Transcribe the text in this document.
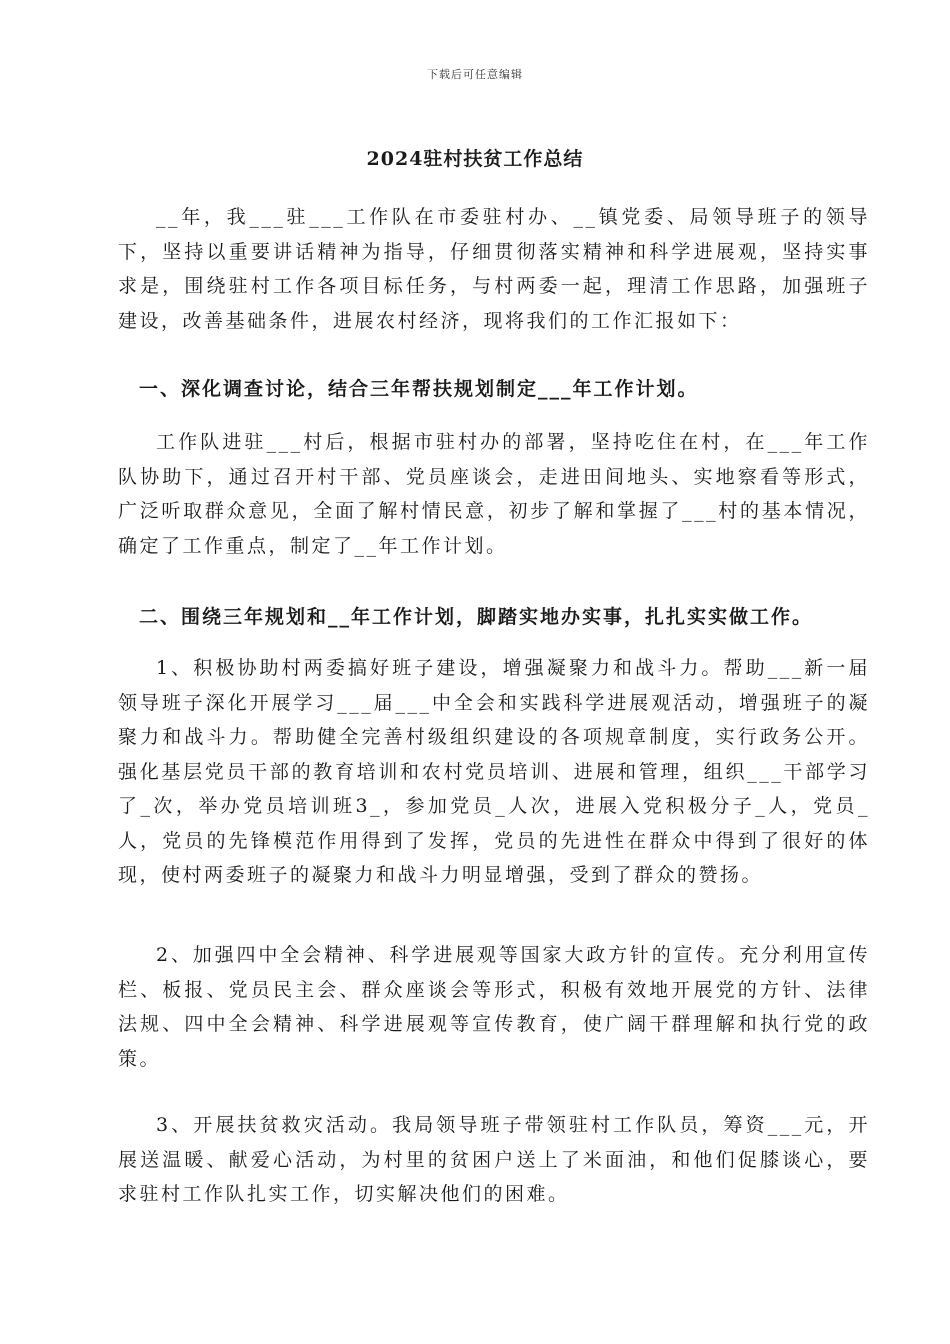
下载后可任意编辑
2024驻村扶贫工作总结

__年，我___驻___工作队在市委驻村办、__镇党委、局领导班子的领导下，坚持以重要讲话精神为指导，仔细贯彻落实精神和科学进展观，坚持实事求是，围绕驻村工作各项目标任务，与村两委一起，理清工作思路，加强班子建设，改善基础条件，进展农村经济，现将我们的工作汇报如下：

一、深化调查讨论，结合三年帮扶规划制定___年工作计划。

工作队进驻___村后，根据市驻村办的部署，坚持吃住在村，在___年工作队协助下，通过召开村干部、党员座谈会，走进田间地头、实地察看等形式，广泛听取群众意见，全面了解村情民意，初步了解和掌握了___村的基本情况，确定了工作重点，制定了__年工作计划。

二、围绕三年规划和__年工作计划，脚踏实地办实事，扎扎实实做工作。

1、积极协助村两委搞好班子建设，增强凝聚力和战斗力。帮助___新一届领导班子深化开展学习___届___中全会和实践科学进展观活动，增强班子的凝聚力和战斗力。帮助健全完善村级组织建设的各项规章制度，实行政务公开。强化基层党员干部的教育培训和农村党员培训、进展和管理，组织___干部学习了_次，举办党员培训班3_，参加党员_人次，进展入党积极分子_人，党员_人，党员的先锋模范作用得到了发挥，党员的先进性在群众中得到了很好的体现，使村两委班子的凝聚力和战斗力明显增强，受到了群众的赞扬。

2、加强四中全会精神、科学进展观等国家大政方针的宣传。充分利用宣传栏、板报、党员民主会、群众座谈会等形式，积极有效地开展党的方针、法律法规、四中全会精神、科学进展观等宣传教育，使广阔干群理解和执行党的政策。

3、开展扶贫救灾活动。我局领导班子带领驻村工作队员，筹资___元，开展送温暖、献爱心活动，为村里的贫困户送上了米面油，和他们促膝谈心，要求驻村工作队扎实工作，切实解决他们的困难。
